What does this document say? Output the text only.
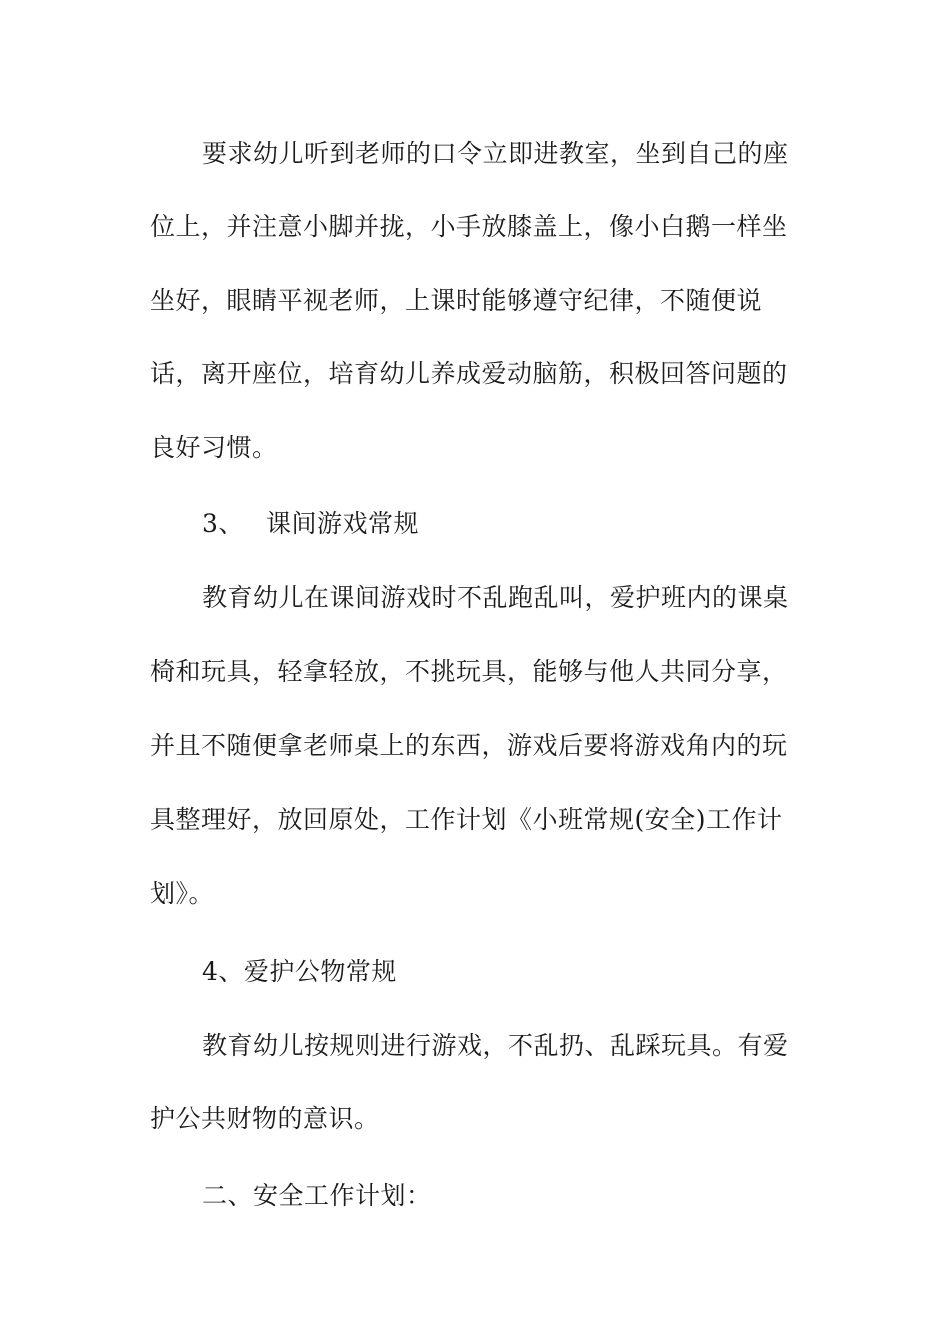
要求幼儿听到老师的口令立即进教室，坐到自己的座
位上，并注意小脚并拢，小手放膝盖上，像小白鹅一样坐
坐好，眼睛平视老师，上课时能够遵守纪律，不随便说
话，离开座位，培育幼儿养成爱动脑筋，积极回答问题的
良好习惯。
3、 课间游戏常规
教育幼儿在课间游戏时不乱跑乱叫，爱护班内的课桌
椅和玩具，轻拿轻放，不挑玩具，能够与他人共同分享，
并且不随便拿老师桌上的东西，游戏后要将游戏角内的玩
具整理好，放回原处，工作计划《小班常规(安全)工作计
划》。
4、爱护公物常规
教育幼儿按规则进行游戏，不乱扔、乱踩玩具。有爱
护公共财物的意识。
二、安全工作计划：
